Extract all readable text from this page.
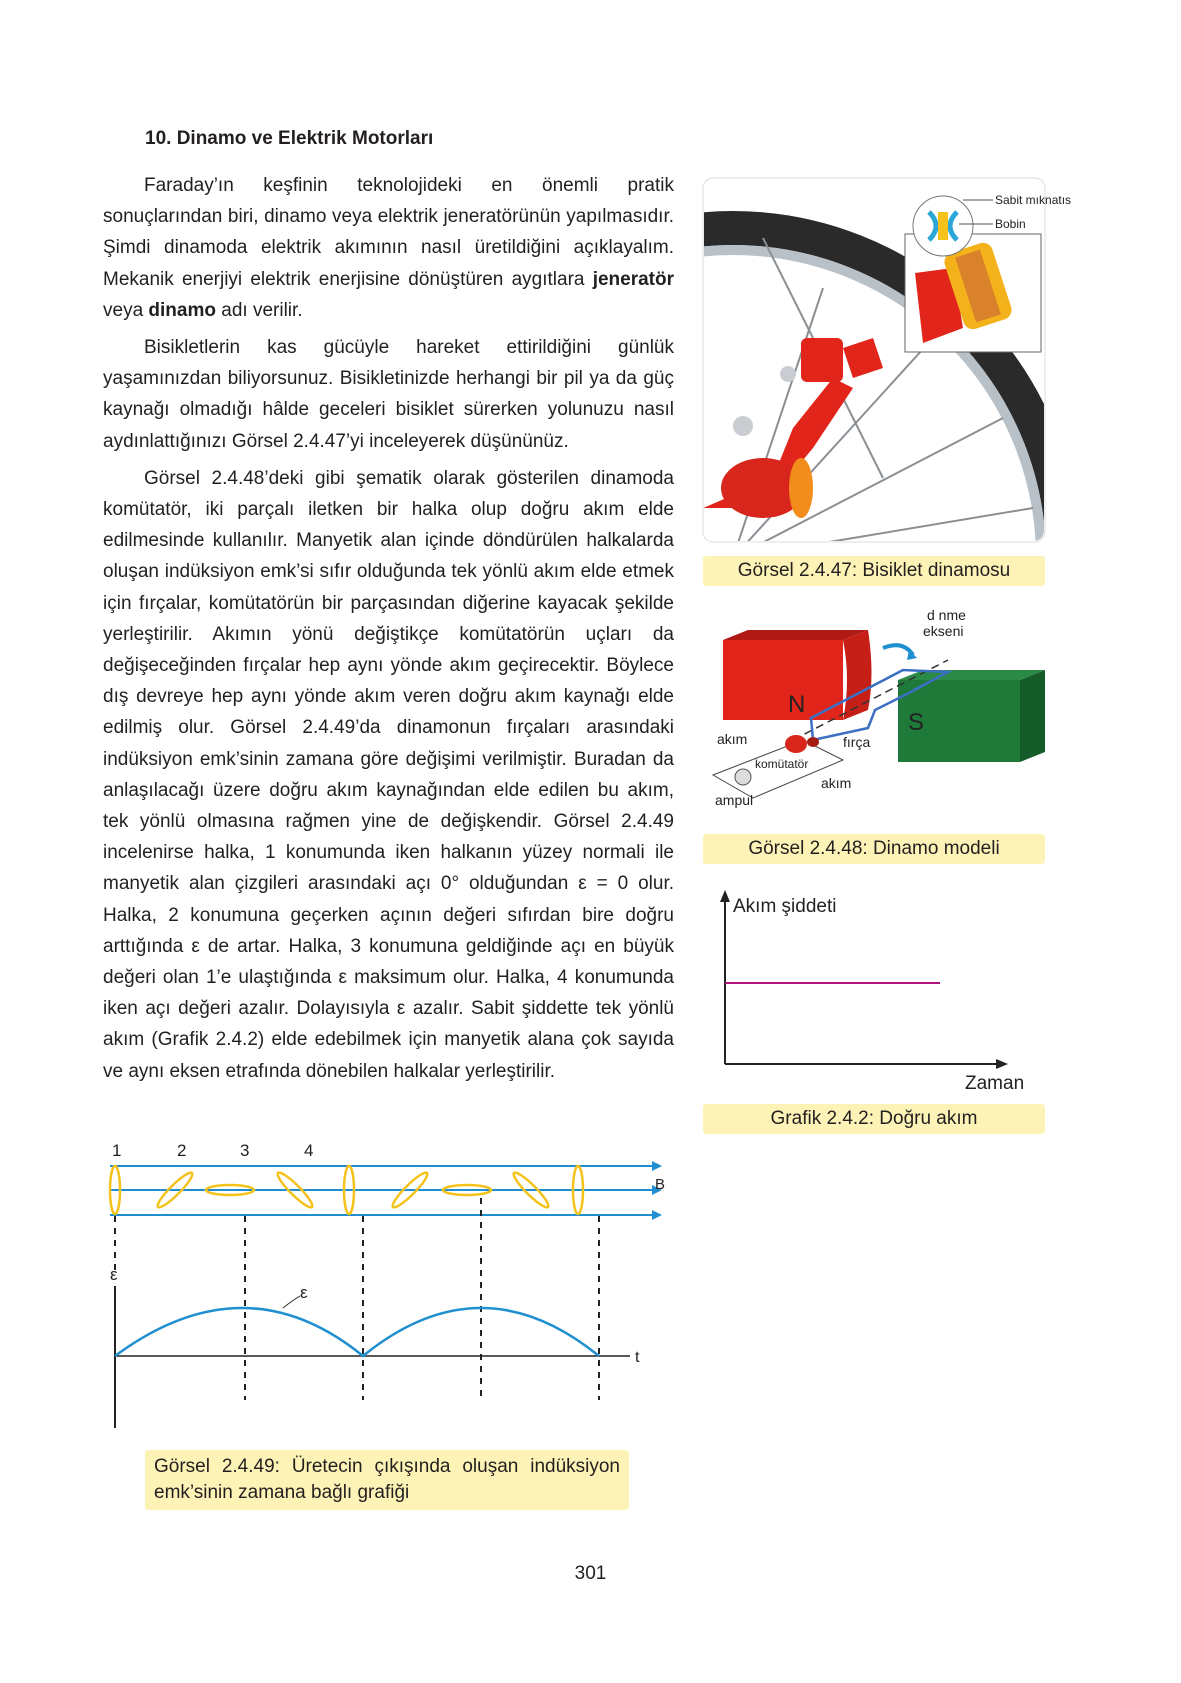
10. Dinamo ve Elektrik Motorları

Faraday’ın keşfinin teknolojideki en önemli pratik sonuçlarından biri, dinamo veya elektrik jeneratörünün yapılmasıdır. Şimdi dinamoda elektrik akımının nasıl üretildiğini açıklayalım. Mekanik enerjiyi elektrik enerjisine dönüştüren aygıtlara jeneratör veya dinamo adı verilir.

Bisikletlerin kas gücüyle hareket ettirildiğini günlük yaşamınızdan biliyorsunuz. Bisikletinizde herhangi bir pil ya da güç kaynağı olmadığı hâlde geceleri bisiklet sürerken yolunuzu nasıl aydınlattığınızı Görsel 2.4.47’yi inceleyerek düşününüz.

Görsel 2.4.48’deki gibi şematik olarak gösterilen dinamoda komütatör, iki parçalı iletken bir halka olup doğru akım elde edilmesinde kullanılır. Manyetik alan içinde döndürülen halkalarda oluşan indüksiyon emk’si sıfır olduğunda tek yönlü akım elde etmek için fırçalar, komütatörün bir parçasından diğerine kayacak şekilde yerleştirilir. Akımın yönü değiştikçe komütatörün uçları da değişeceğinden fırçalar hep aynı yönde akım geçirecektir. Böylece dış devreye hep aynı yönde akım veren doğru akım kaynağı elde edilmiş olur. Görsel 2.4.49’da dinamonun fırçaları arasındaki indüksiyon emk’sinin zamana göre değişimi verilmiştir. Buradan da anlaşılacağı üzere doğru akım kaynağından elde edilen bu akım, tek yönlü olmasına rağmen yine de değişkendir. Görsel 2.4.49 incelenirse halka, 1 konumunda iken halkanın yüzey normali ile manyetik alan çizgileri arasındaki açı 0° olduğundan ε = 0 olur. Halka, 2 konumuna geçerken açının değeri sıfırdan bire doğru arttığında ε de artar. Halka, 3 konumuna geldiğinde açı en büyük değeri olan 1’e ulaştığında ε maksimum olur. Halka, 4 konumunda iken açı değeri azalır. Dolayısıyla ε azalır. Sabit şiddette tek yönlü akım (Grafik 2.4.2) elde edebilmek için manyetik alana çok sayıda ve aynı eksen etrafında dönebilen halkalar yerleştirilir.

Sabit mıknatıs
Bobin
Görsel 2.4.47: Bisiklet dinamosu
N
S
d nme
ekseni
akım	fırça
komütatör
akım
ampul
Görsel 2.4.48: Dinamo modeli
Akım şiddeti
Zaman
Grafik 2.4.2: Doğru akım
1	2	3	4
B
ε
t
ε
Görsel 2.4.49: Üretecin çıkışında oluşan indüksiyon emk’sinin zamana bağlı grafiği
301
